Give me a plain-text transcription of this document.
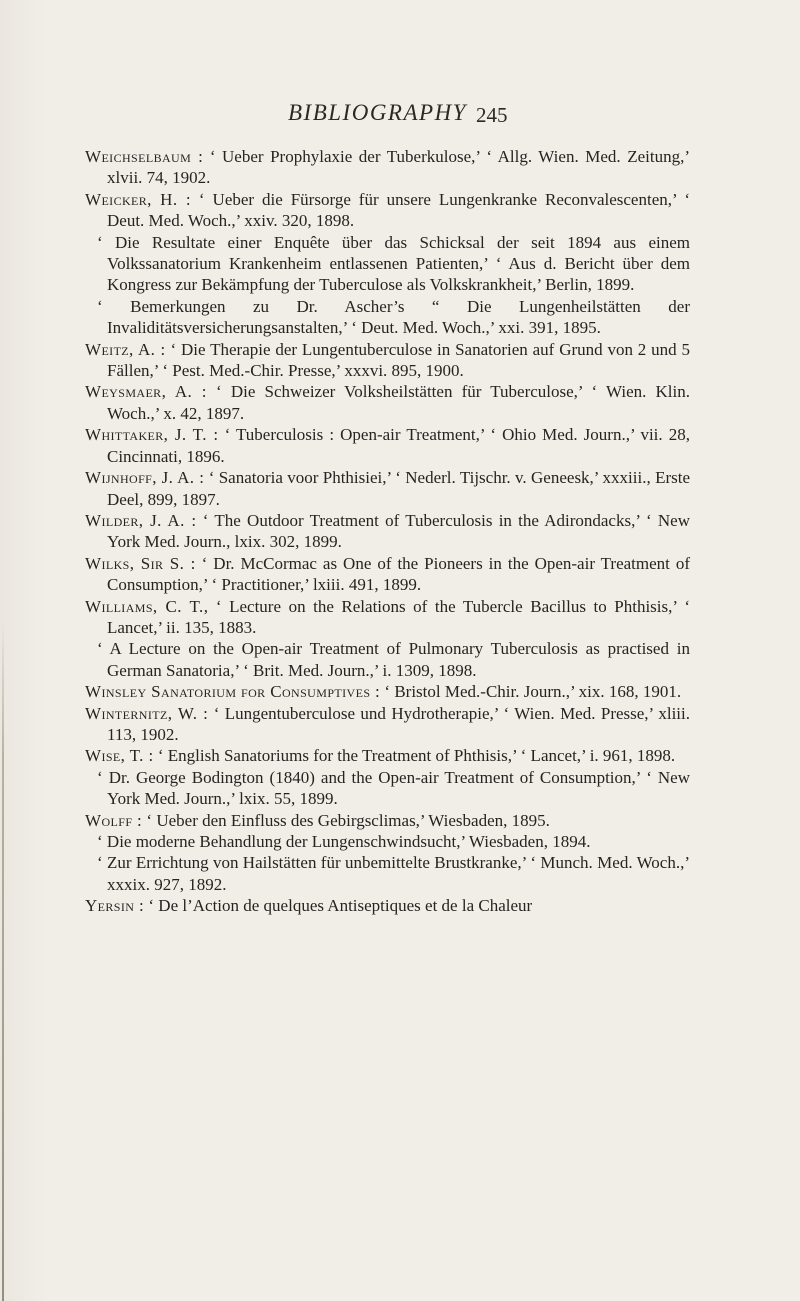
BIBLIOGRAPHY 245

Weichselbaum : ‘ Ueber Prophylaxie der Tuberkulose,’ ‘ Allg. Wien. Med. Zeitung,’ xlvii. 74, 1902.

Weicker, H. : ‘ Ueber die Fürsorge für unsere Lungenkranke Reconvalescenten,’ ‘ Deut. Med. Woch.,’ xxiv. 320, 1898.

‘ Die Resultate einer Enquête über das Schicksal der seit 1894 aus einem Volkssanatorium Krankenheim entlassenen Patienten,’ ‘ Aus d. Bericht über dem Kongress zur Bekämpfung der Tuberculose als Volkskrankheit,’ Berlin, 1899.

‘ Bemerkungen zu Dr. Ascher’s “ Die Lungenheilstätten der Invaliditätsversicherungsanstalten,’ ‘ Deut. Med. Woch.,’ xxi. 391, 1895.

Weitz, A. : ‘ Die Therapie der Lungentuberculose in Sanatorien auf Grund von 2 und 5 Fällen,’ ‘ Pest. Med.-Chir. Presse,’ xxxvi. 895, 1900.

Weysmaer, A. : ‘ Die Schweizer Volksheilstätten für Tuberculose,’ ‘ Wien. Klin. Woch.,’ x. 42, 1897.

Whittaker, J. T. : ‘ Tuberculosis : Open-air Treatment,’ ‘ Ohio Med. Journ.,’ vii. 28, Cincinnati, 1896.

Wijnhoff, J. A. : ‘ Sanatoria voor Phthisiei,’ ‘ Nederl. Tijschr. v. Geneesk,’ xxxiii., Erste Deel, 899, 1897.

Wilder, J. A. : ‘ The Outdoor Treatment of Tuberculosis in the Adirondacks,’ ‘ New York Med. Journ., lxix. 302, 1899.

Wilks, Sir S. : ‘ Dr. McCormac as One of the Pioneers in the Open-air Treatment of Consumption,’ ‘ Practitioner,’ lxiii. 491, 1899.

Williams, C. T., ‘ Lecture on the Relations of the Tubercle Bacillus to Phthisis,’ ‘ Lancet,’ ii. 135, 1883.

‘ A Lecture on the Open-air Treatment of Pulmonary Tuberculosis as practised in German Sanatoria,’ ‘ Brit. Med. Journ.,’ i. 1309, 1898.

Winsley Sanatorium for Consumptives : ‘ Bristol Med.-Chir. Journ.,’ xix. 168, 1901.

Winternitz, W. : ‘ Lungentuberculose und Hydrotherapie,’ ‘ Wien. Med. Presse,’ xliii. 113, 1902.

Wise, T. : ‘ English Sanatoriums for the Treatment of Phthisis,’ ‘ Lancet,’ i. 961, 1898.

‘ Dr. George Bodington (1840) and the Open-air Treatment of Consumption,’ ‘ New York Med. Journ.,’ lxix. 55, 1899.

Wolff : ‘ Ueber den Einfluss des Gebirgsclimas,’ Wiesbaden, 1895.

‘ Die moderne Behandlung der Lungenschwindsucht,’ Wiesbaden, 1894.

‘ Zur Errichtung von Hailstätten für unbemittelte Brustkranke,’ ‘ Munch. Med. Woch.,’ xxxix. 927, 1892.

Yersin : ‘ De l’Action de quelques Antiseptiques et de la Chaleur
